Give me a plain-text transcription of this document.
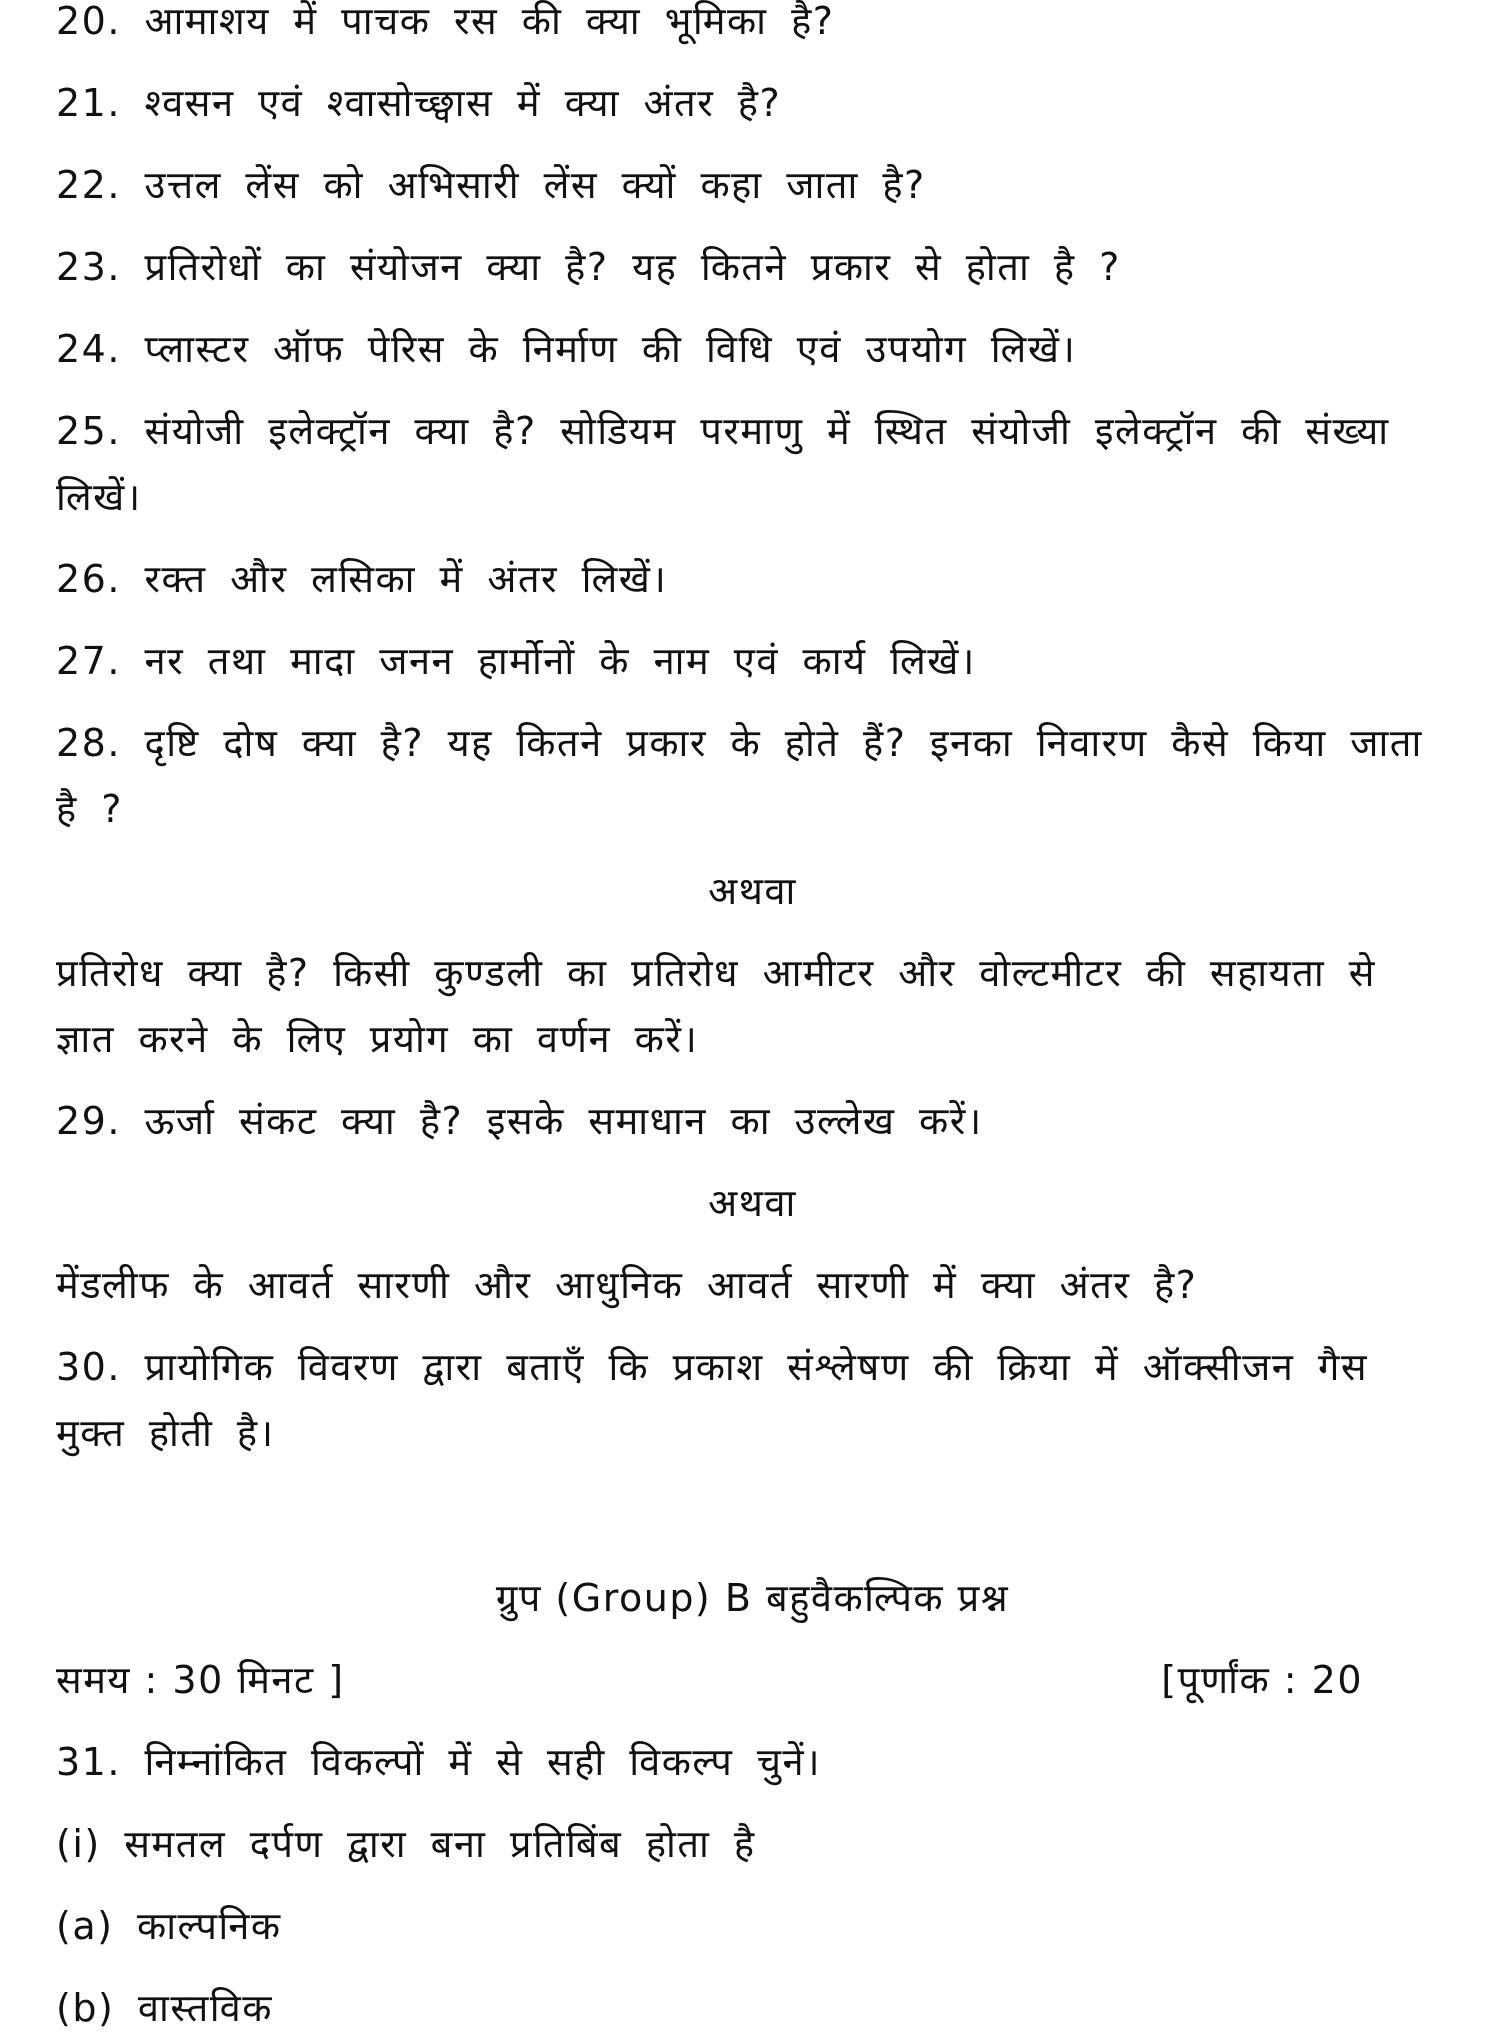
20. आमाशय में पाचक रस की क्या भूमिका है?
21. श्वसन एवं श्वासोच्छ्वास में क्या अंतर है?
22. उत्तल लेंस को अभिसारी लेंस क्यों कहा जाता है?
23. प्रतिरोधों का संयोजन क्या है? यह कितने प्रकार से होता है ?
24. प्लास्टर ऑफ पेरिस के निर्माण की विधि एवं उपयोग लिखें।
25. संयोजी इलेक्ट्रॉन क्या है? सोडियम परमाणु में स्थित संयोजी इलेक्ट्रॉन की संख्या
लिखें।
26. रक्त और लसिका में अंतर लिखें।
27. नर तथा मादा जनन हार्मोनों के नाम एवं कार्य लिखें।
28. दृष्टि दोष क्या है? यह कितने प्रकार के होते हैं? इनका निवारण कैसे किया जाता
है ?
अथवा
प्रतिरोध क्या है? किसी कुण्डली का प्रतिरोध आमीटर और वोल्टमीटर की सहायता से
ज्ञात करने के लिए प्रयोग का वर्णन करें।
29. ऊर्जा संकट क्या है? इसके समाधान का उल्लेख करें।
अथवा
मेंडलीफ के आवर्त सारणी और आधुनिक आवर्त सारणी में क्या अंतर है?
30. प्रायोगिक विवरण द्वारा बताएँ कि प्रकाश संश्लेषण की क्रिया में ऑक्सीजन गैस
मुक्त होती है।
ग्रुप (Group) B बहुवैकल्पिक प्रश्न
समय : 30 मिनट ]	[पूर्णांक : 20
31. निम्नांकित विकल्पों में से सही विकल्प चुनें।
(i) समतल दर्पण द्वारा बना प्रतिबिंब होता है
(a) काल्पनिक
(b) वास्तविक
